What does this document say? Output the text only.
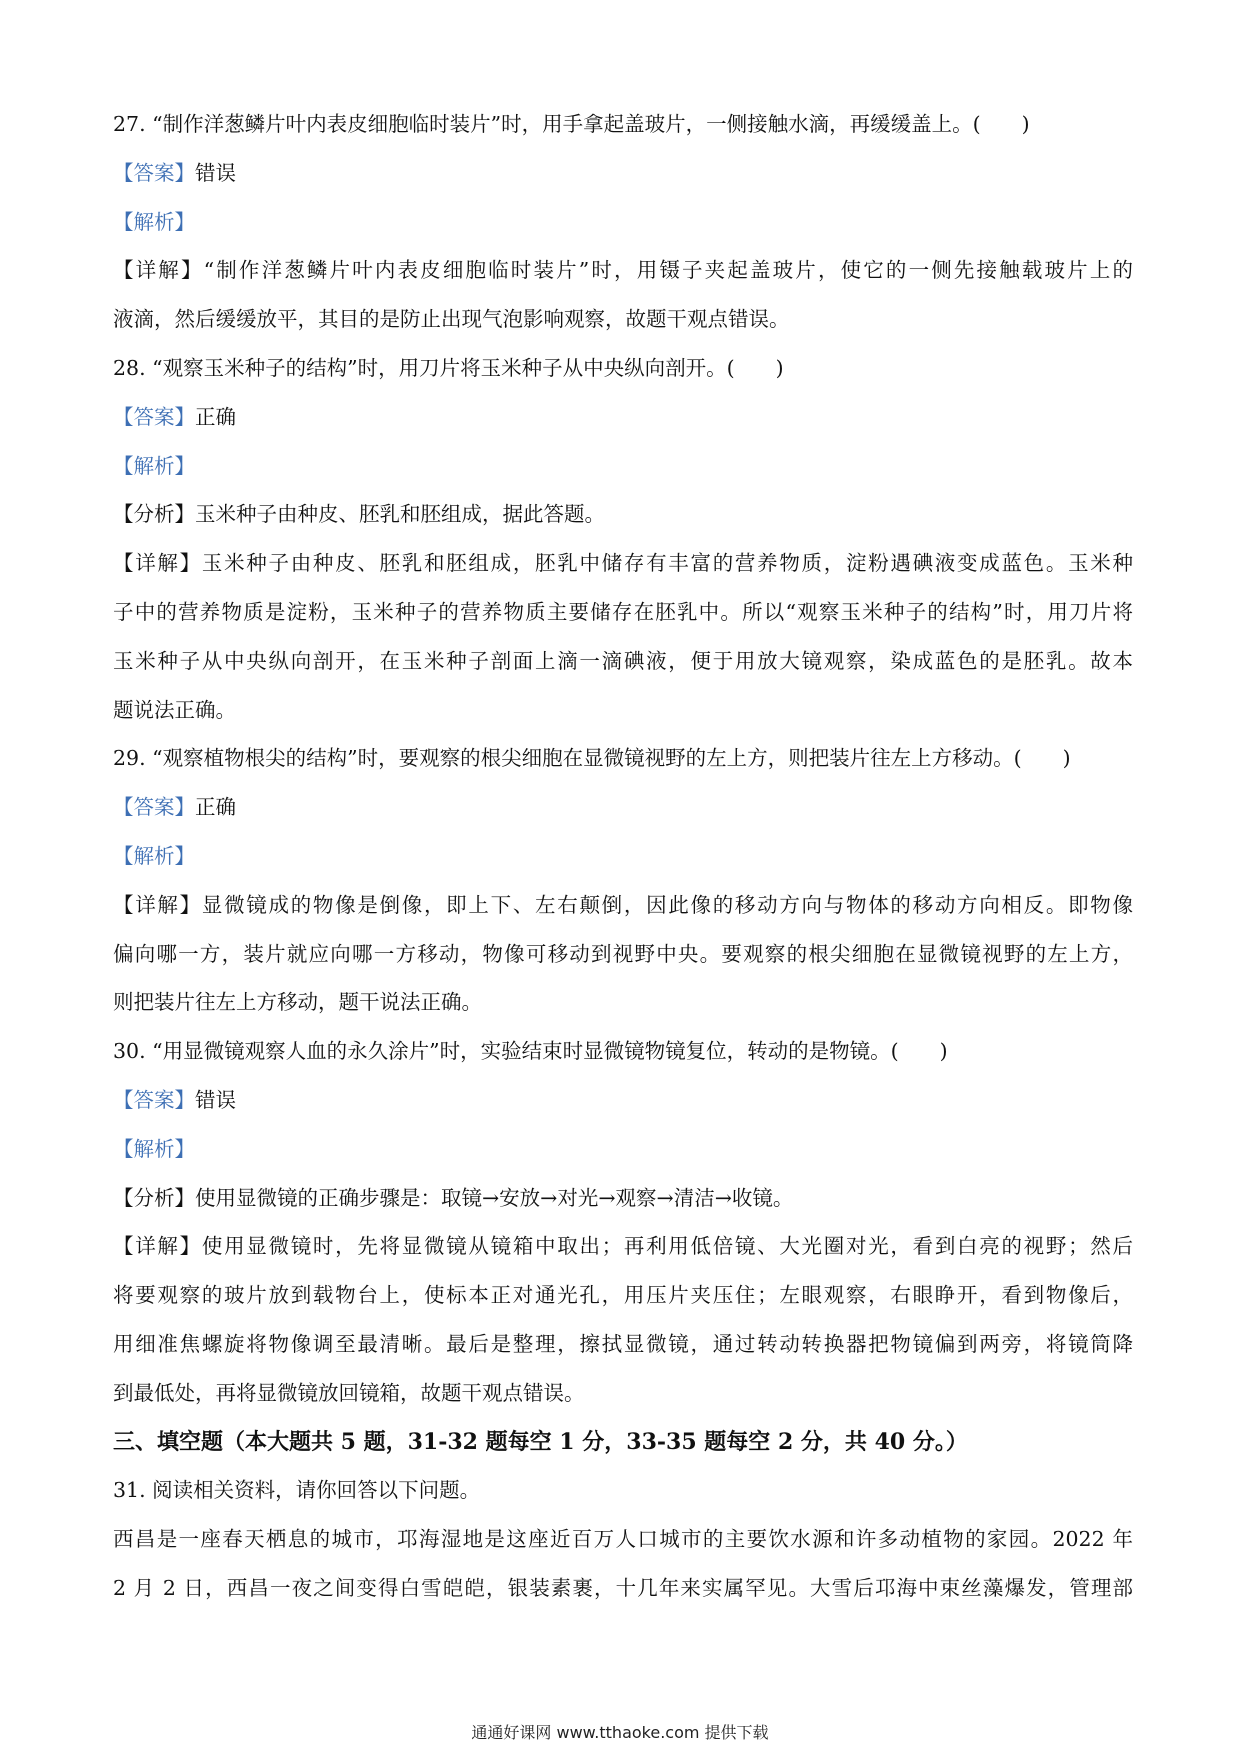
27. “制作洋葱鳞片叶内表皮细胞临时装片”时，用手拿起盖玻片，一侧接触水滴，再缓缓盖上。(　　)
【答案】错误
【解析】
【详解】“制作洋葱鳞片叶内表皮细胞临时装片”时，用镊子夹起盖玻片，使它的一侧先接触载玻片上的
液滴，然后缓缓放平，其目的是防止出现气泡影响观察，故题干观点错误。
28. “观察玉米种子的结构”时，用刀片将玉米种子从中央纵向剖开。(　　)
【答案】正确
【解析】
【分析】玉米种子由种皮、胚乳和胚组成，据此答题。
【详解】玉米种子由种皮、胚乳和胚组成，胚乳中储存有丰富的营养物质，淀粉遇碘液变成蓝色。玉米种
子中的营养物质是淀粉，玉米种子的营养物质主要储存在胚乳中。所以“观察玉米种子的结构”时，用刀片将
玉米种子从中央纵向剖开，在玉米种子剖面上滴一滴碘液，便于用放大镜观察，染成蓝色的是胚乳。故本
题说法正确。
29. “观察植物根尖的结构”时，要观察的根尖细胞在显微镜视野的左上方，则把装片往左上方移动。(　　)
【答案】正确
【解析】
【详解】显微镜成的物像是倒像，即上下、左右颠倒，因此像的移动方向与物体的移动方向相反。即物像
偏向哪一方，装片就应向哪一方移动，物像可移动到视野中央。要观察的根尖细胞在显微镜视野的左上方，
则把装片往左上方移动，题干说法正确。
30. “用显微镜观察人血的永久涂片”时，实验结束时显微镜物镜复位，转动的是物镜。(　　)
【答案】错误
【解析】
【分析】使用显微镜的正确步骤是：取镜→安放→对光→观察→清洁→收镜。
【详解】使用显微镜时，先将显微镜从镜箱中取出；再利用低倍镜、大光圈对光，看到白亮的视野；然后
将要观察的玻片放到载物台上，使标本正对通光孔，用压片夹压住；左眼观察，右眼睁开，看到物像后，
用细准焦螺旋将物像调至最清晰。最后是整理，擦拭显微镜，通过转动转换器把物镜偏到两旁，将镜筒降
到最低处，再将显微镜放回镜箱，故题干观点错误。
三、填空题（本大题共 5 题，31-32 题每空 1 分，33-35 题每空 2 分，共 40 分。）
31. 阅读相关资料，请你回答以下问题。
西昌是一座春天栖息的城市，邛海湿地是这座近百万人口城市的主要饮水源和许多动植物的家园。2022 年
2 月 2 日，西昌一夜之间变得白雪皑皑，银装素裹，十几年来实属罕见。大雪后邛海中束丝藻爆发，管理部
通通好课网 www.tthaoke.com 提供下载
